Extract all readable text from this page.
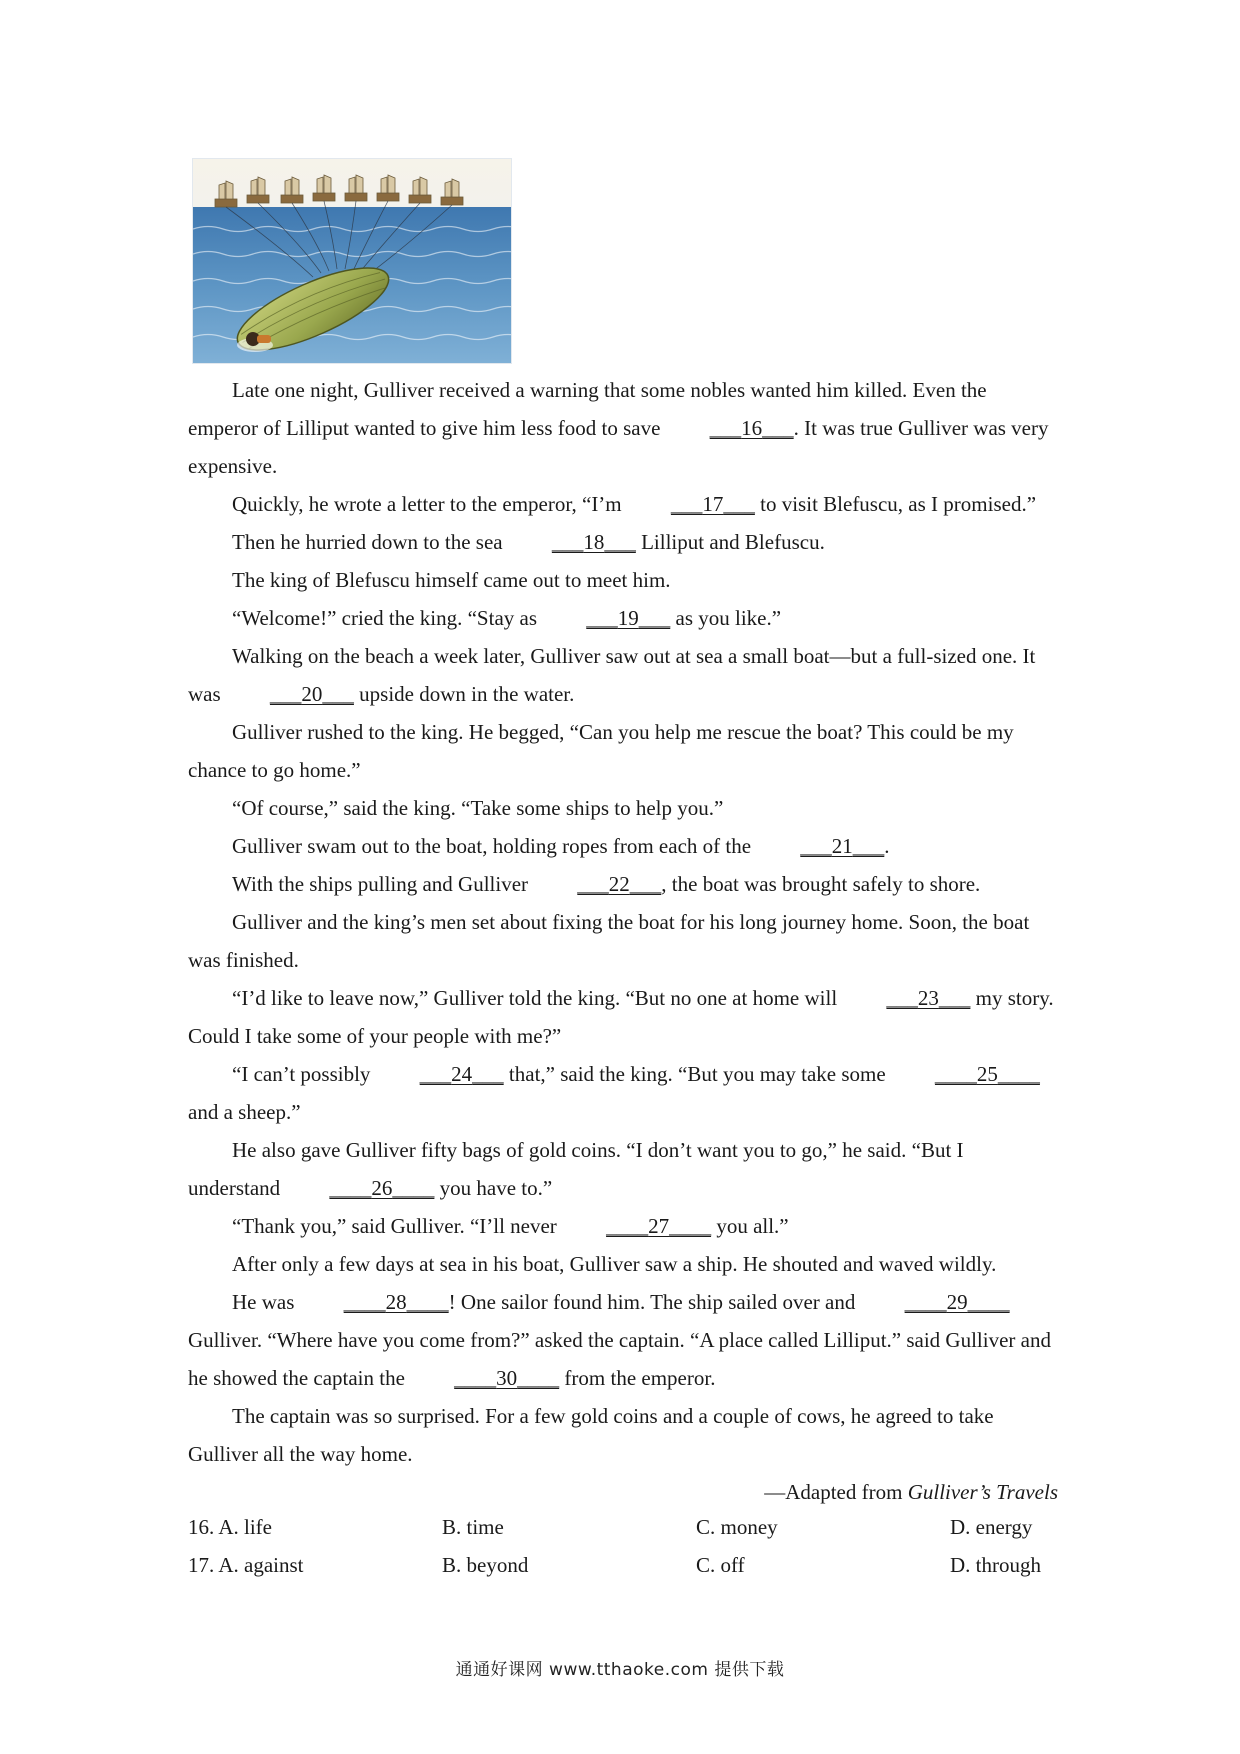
Late one night, Gulliver received a warning that some nobles wanted him killed. Even the emperor of Lilliput wanted to give him less food to save ___16___. It was true Gulliver was very expensive.

Quickly, he wrote a letter to the emperor, “I’m ___17___ to visit Blefuscu, as I promised.”

Then he hurried down to the sea ___18___ Lilliput and Blefuscu.

The king of Blefuscu himself came out to meet him.

“Welcome!” cried the king. “Stay as ___19___ as you like.”

Walking on the beach a week later, Gulliver saw out at sea a small boat—but a full-sized one. It was ___20___ upside down in the water.

Gulliver rushed to the king. He begged, “Can you help me rescue the boat? This could be my chance to go home.”

“Of course,” said the king. “Take some ships to help you.”

Gulliver swam out to the boat, holding ropes from each of the ___21___.

With the ships pulling and Gulliver ___22___, the boat was brought safely to shore.

Gulliver and the king’s men set about fixing the boat for his long journey home. Soon, the boat was finished.

“I’d like to leave now,” Gulliver told the king. “But no one at home will ___23___ my story. Could I take some of your people with me?”

“I can’t possibly ___24___ that,” said the king. “But you may take some ____25____ and a sheep.”

He also gave Gulliver fifty bags of gold coins. “I don’t want you to go,” he said. “But I understand ____26____ you have to.”

“Thank you,” said Gulliver. “I’ll never ____27____ you all.”

After only a few days at sea in his boat, Gulliver saw a ship. He shouted and waved wildly.

He was ____28____! One sailor found him. The ship sailed over and ____29____ Gulliver. “Where have you come from?” asked the captain. “A place called Lilliput.” said Gulliver and he showed the captain the ____30____ from the emperor.

The captain was so surprised. For a few gold coins and a couple of cows, he agreed to take Gulliver all the way home.

—Adapted from Gulliver’s Travels

16. A. life	B. time	C. money	D. energy
17. A. against	B. beyond	C. off	D. through
通通好课网 www.tthaoke.com 提供下载
